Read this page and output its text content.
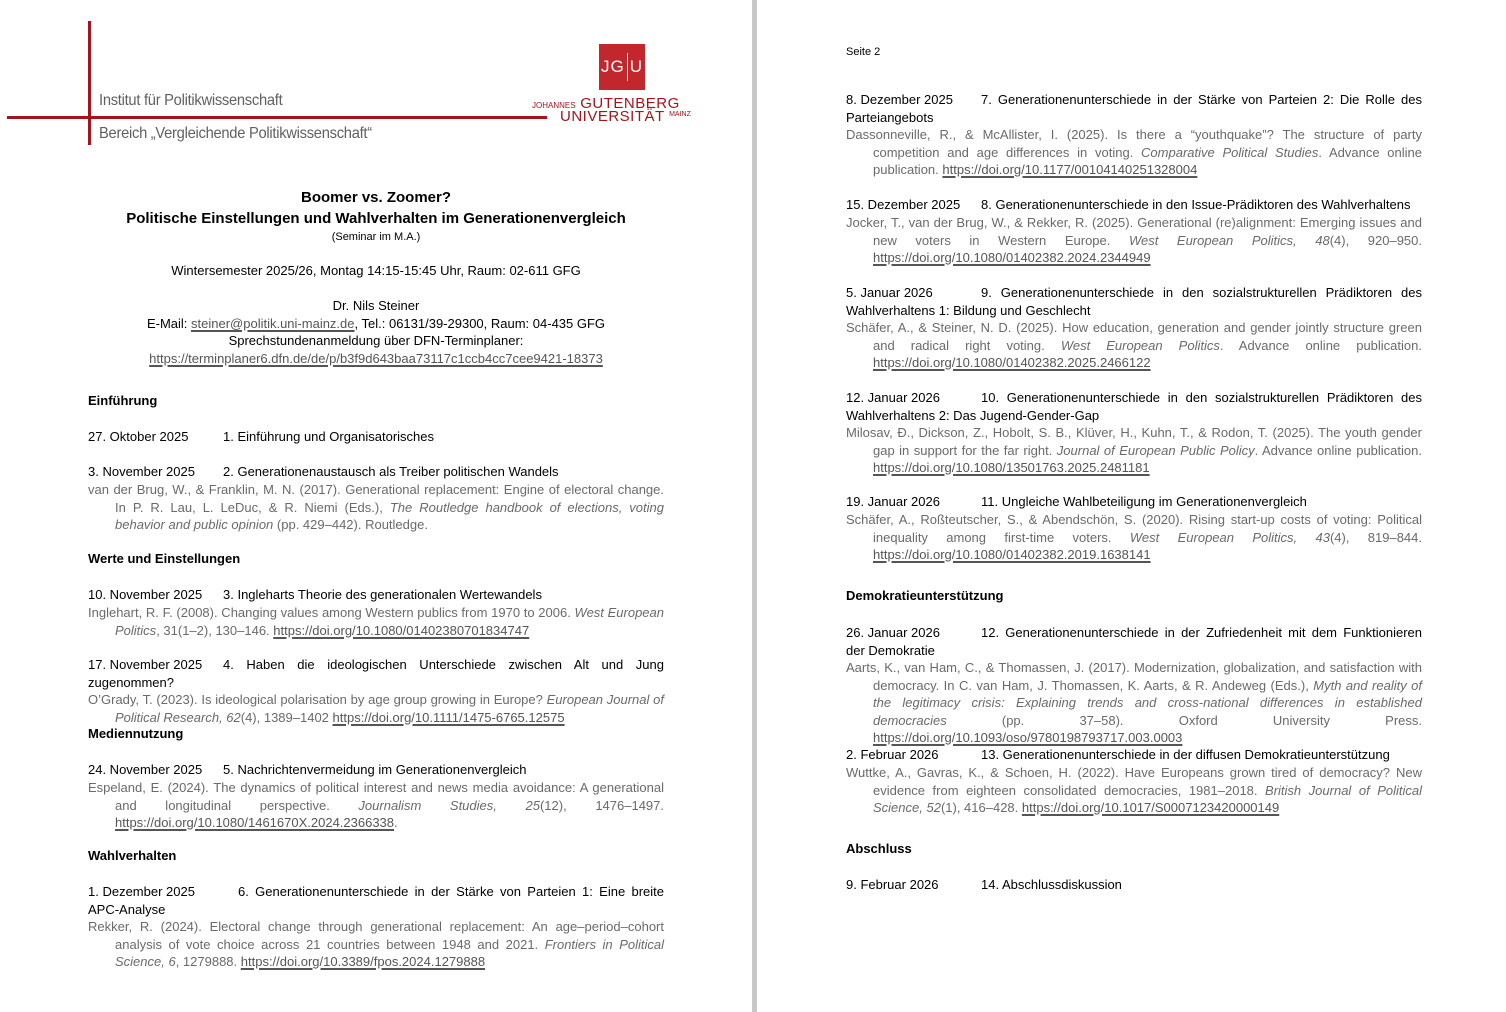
Institut für Politikwissenschaft
Bereich „Vergleichende Politikwissenschaft“
JG U
JOHANNES GUTENBERG
UNIVERSITÄT $^{MAINZ}$
Boomer vs. Zoomer?
Politische Einstellungen und Wahlverhalten im Generationenvergleich
(Seminar im M.A.)
Wintersemester 2025/26, Montag 14:15-15:45 Uhr, Raum: 02-611 GFG
Dr. Nils Steiner
E-Mail: steiner@politik.uni-mainz.de, Tel.: 06131/39-29300, Raum: 04-435 GFG
Sprechstundenanmeldung über DFN-Terminplaner:
https://terminplaner6.dfn.de/de/p/b3f9d643baa73117c1ccb4cc7cee9421-18373
Seite 2
Einführung
Werte und Einstellungen
Mediennutzung
Wahlverhalten
Demokratieunterstützung
Abschluss
27. Oktober 2025	1. Einführung und Organisatorisches
3. November 2025 2. Generationenaustausch als Treiber politischen Wandels
van der Brug, W., & Franklin, M. N. (2017). Generational replacement: Engine of electoral change. In P. R. Lau, L. LeDuc, & R. Niemi (Eds.), The Routledge handbook of elections, voting behavior and public opinion (pp. 429–442). Routledge.
10. November 2025 3. Ingleharts Theorie des generationalen Wertewandels
Inglehart, R. F. (2008). Changing values among Western publics from 1970 to 2006. West European Politics, 31(1–2), 130–146. https://doi.org/10.1080/01402380701834747
17. November 2025 4. Haben die ideologischen Unterschiede zwischen Alt und Jung zugenommen?
O’Grady, T. (2023). Is ideological polarisation by age group growing in Europe? European Journal of Political Research, 62(4), 1389–1402 https://doi.org/10.1111/1475-6765.12575
24. November 2025 5. Nachrichtenvermeidung im Generationenvergleich
Espeland, E. (2024). The dynamics of political interest and news media avoidance: A generational and longitudinal perspective. Journalism Studies, 25(12), 1476–1497. https://doi.org/10.1080/1461670X.2024.2366338.
1. Dezember 2025	6. Generationenunterschiede in der Stärke von Parteien 1: Eine breite APC-Analyse
Rekker, R. (2024). Electoral change through generational replacement: An age–period–cohort analysis of vote choice across 21 countries between 1948 and 2021. Frontiers in Political Science, 6, 1279888. https://doi.org/10.3389/fpos.2024.1279888
8. Dezember 2025 7. Generationenunterschiede in der Stärke von Parteien 2: Die Rolle des Parteiangebots
Dassonneville, R., & McAllister, I. (2025). Is there a “youthquake”? The structure of party competition and age differences in voting. Comparative Political Studies. Advance online publication. https://doi.org/10.1177/00104140251328004
15. Dezember 2025 8. Generationenunterschiede in den Issue-Prädiktoren des Wahlverhaltens
Jocker, T., van der Brug, W., & Rekker, R. (2025). Generational (re)alignment: Emerging issues and new voters in Western Europe. West European Politics, 48(4), 920–950. https://doi.org/10.1080/01402382.2024.2344949
5. Januar 2026	9. Generationenunterschiede in den sozialstrukturellen Prädiktoren des Wahlverhaltens 1: Bildung und Geschlecht
Schäfer, A., & Steiner, N. D. (2025). How education, generation and gender jointly structure green and radical right voting. West European Politics. Advance online publication. https://doi.org/10.1080/01402382.2025.2466122
12. Januar 2026	10. Generationenunterschiede in den sozialstrukturellen Prädiktoren des Wahlverhaltens 2: Das Jugend-Gender-Gap
Milosav, Đ., Dickson, Z., Hobolt, S. B., Klüver, H., Kuhn, T., & Rodon, T. (2025). The youth gender gap in support for the far right. Journal of European Public Policy. Advance online publication. https://doi.org/10.1080/13501763.2025.2481181
19. Januar 2026	11. Ungleiche Wahlbeteiligung im Generationenvergleich
Schäfer, A., Roßteutscher, S., & Abendschön, S. (2020). Rising start-up costs of voting: Political inequality among first-time voters. West European Politics, 43(4), 819–844. https://doi.org/10.1080/01402382.2019.1638141
26. Januar 2026	12. Generationenunterschiede in der Zufriedenheit mit dem Funktionieren der Demokratie
Aarts, K., van Ham, C., & Thomassen, J. (2017). Modernization, globalization, and satisfaction with democracy. In C. van Ham, J. Thomassen, K. Aarts, & R. Andeweg (Eds.), Myth and reality of the legitimacy crisis: Explaining trends and cross-national differences in established democracies (pp. 37–58). Oxford University Press. https://doi.org/10.1093/oso/9780198793717.003.0003
2. Februar 2026	13. Generationenunterschiede in der diffusen Demokratieunterstützung
Wuttke, A., Gavras, K., & Schoen, H. (2022). Have Europeans grown tired of democracy? New evidence from eighteen consolidated democracies, 1981–2018. British Journal of Political Science, 52(1), 416–428. https://doi.org/10.1017/S0007123420000149
9. Februar 2026	14. Abschlussdiskussion
